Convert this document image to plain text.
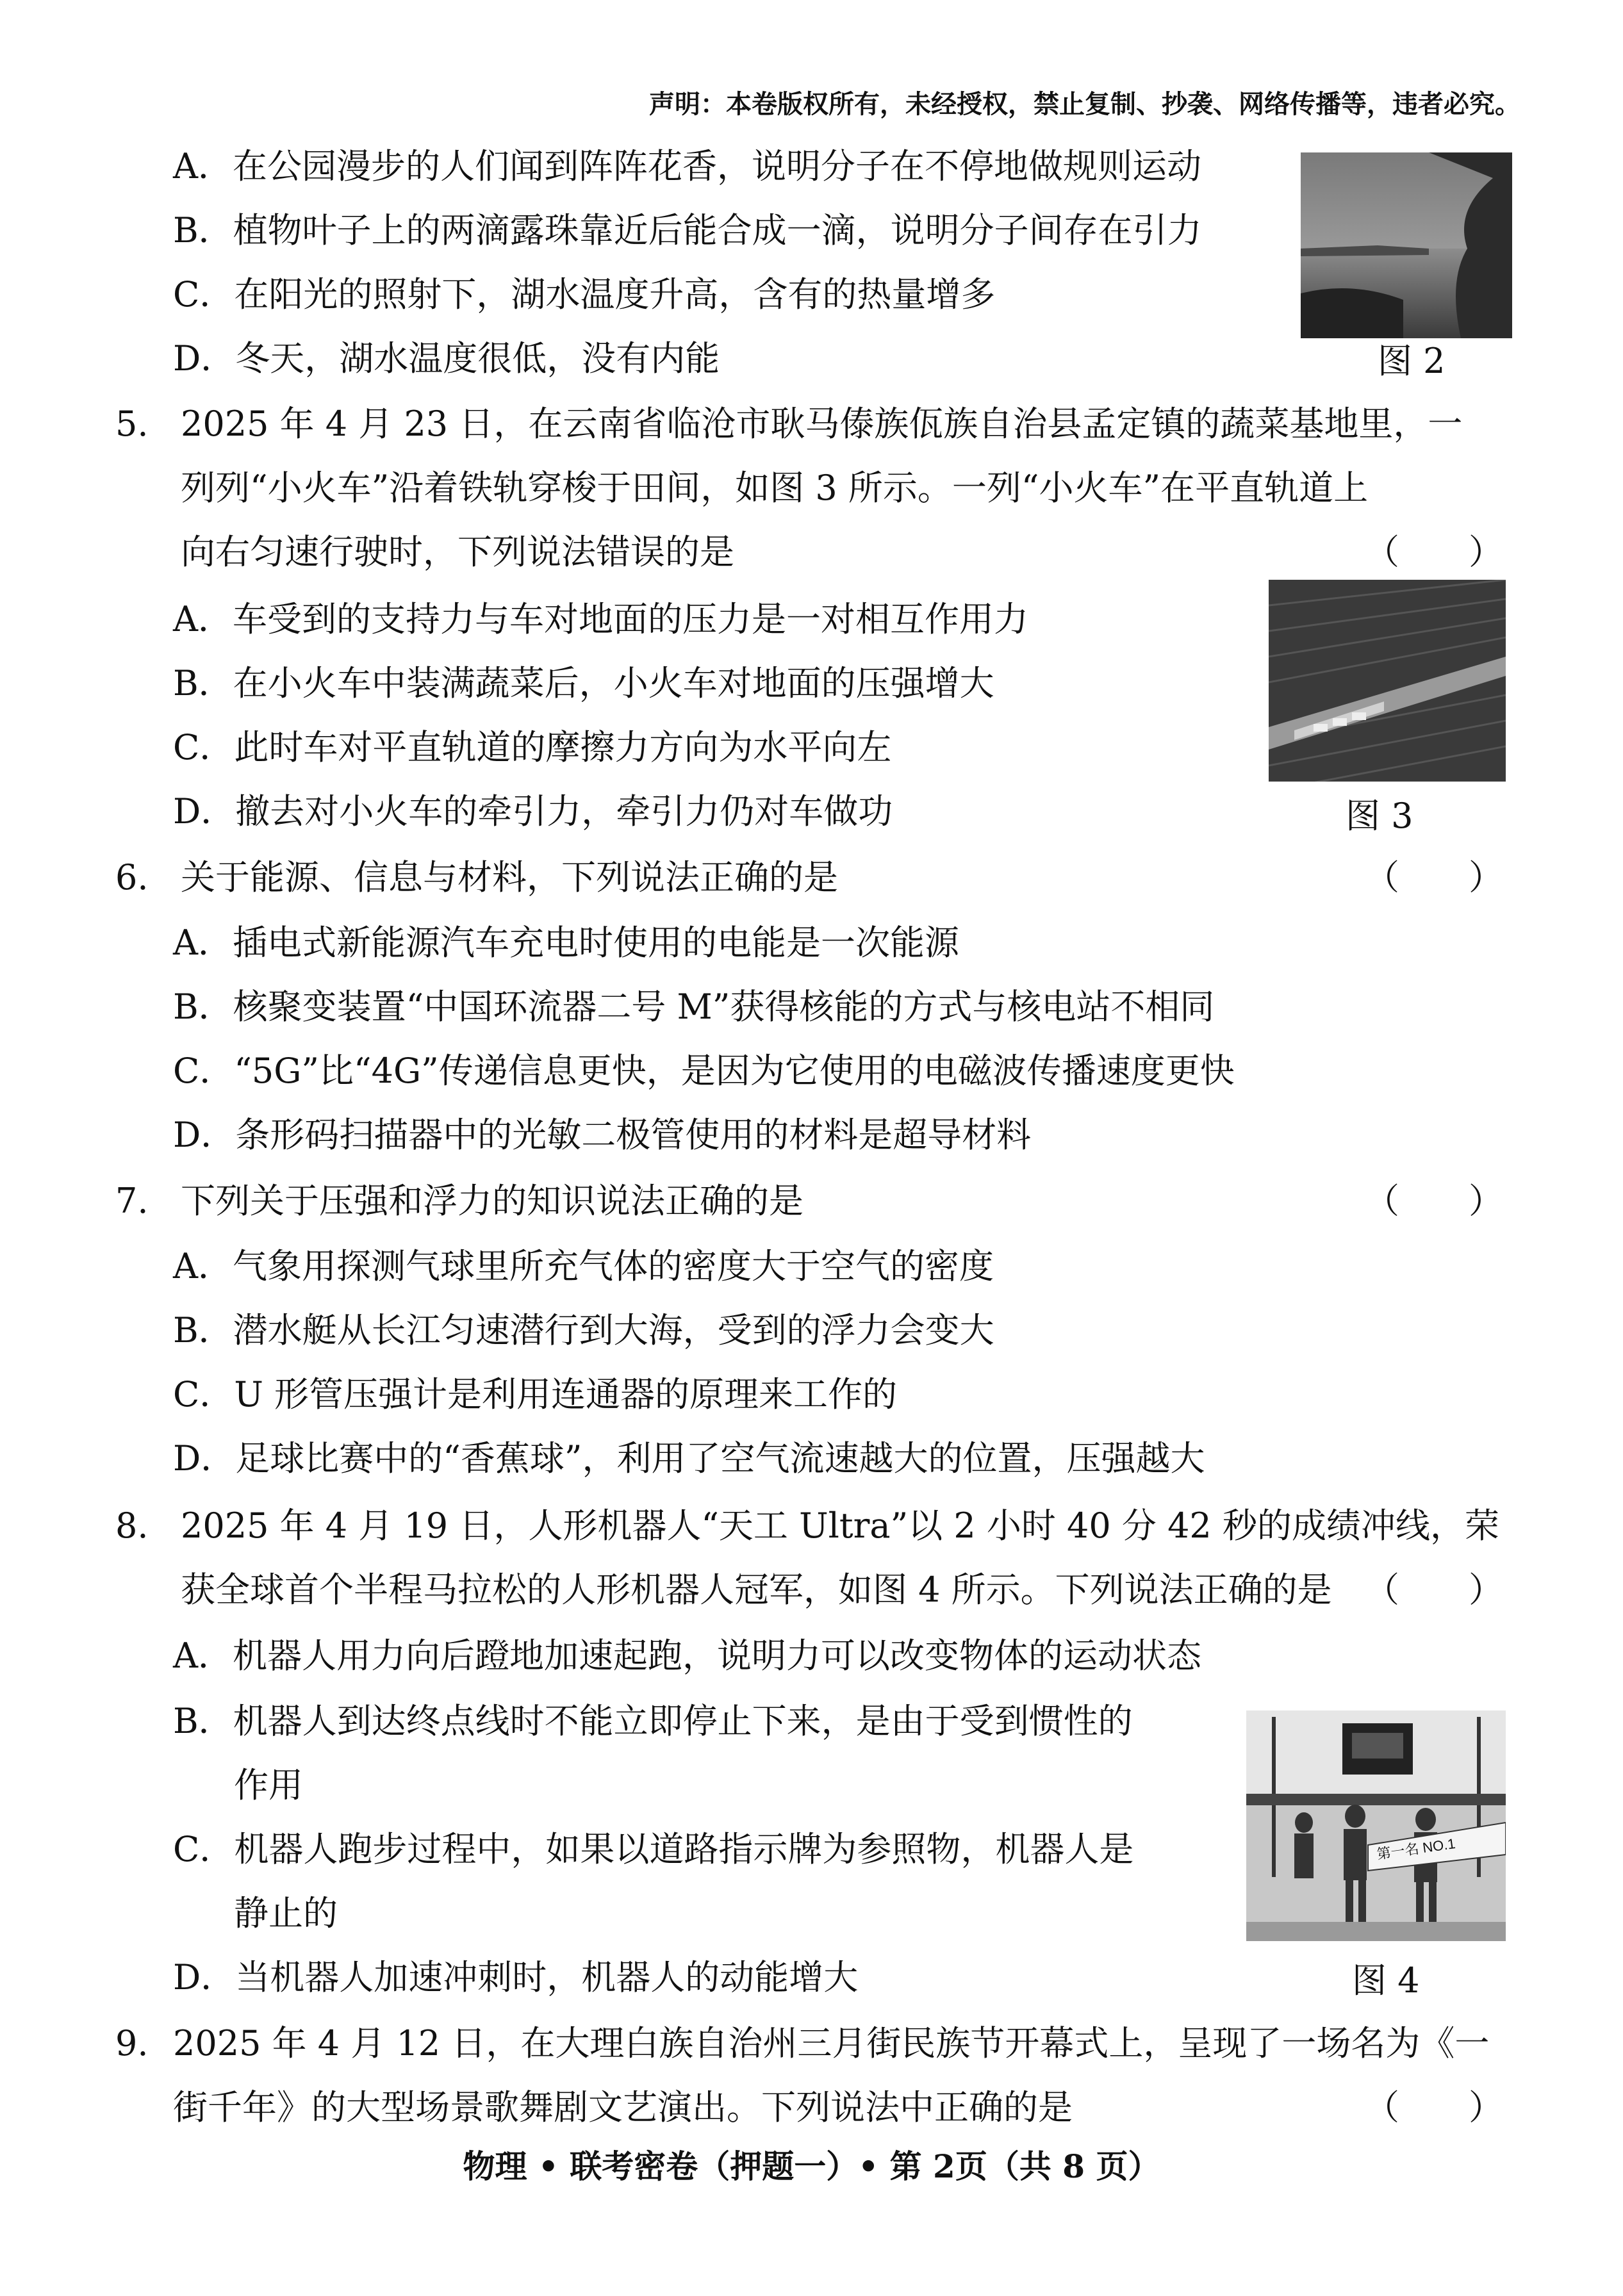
声明：本卷版权所有，未经授权，禁止复制、抄袭、网络传播等，违者必究。
A．在公园漫步的人们闻到阵阵花香，说明分子在不停地做规则运动
B．植物叶子上的两滴露珠靠近后能合成一滴，说明分子间存在引力
C．在阳光的照射下，湖水温度升高，含有的热量增多
D．冬天，湖水温度很低，没有内能	图 2
5. 2025 年 4 月 23 日，在云南省临沧市耿马傣族佤族自治县孟定镇的蔬菜基地里，一
列列“小火车”沿着铁轨穿梭于田间，如图 3 所示。一列“小火车”在平直轨道上
向右匀速行驶时，下列说法错误的是	（　　）
A．车受到的支持力与车对地面的压力是一对相互作用力
B．在小火车中装满蔬菜后，小火车对地面的压强增大
C．此时车对平直轨道的摩擦力方向为水平向左
D．撤去对小火车的牵引力，牵引力仍对车做功	图 3
6. 关于能源、信息与材料，下列说法正确的是	（　　）
A．插电式新能源汽车充电时使用的电能是一次能源
B．核聚变装置“中国环流器二号 M”获得核能的方式与核电站不相同
C．“5G”比“4G”传递信息更快，是因为它使用的电磁波传播速度更快
D．条形码扫描器中的光敏二极管使用的材料是超导材料
7. 下列关于压强和浮力的知识说法正确的是	（　　）
A．气象用探测气球里所充气体的密度大于空气的密度
B．潜水艇从长江匀速潜行到大海，受到的浮力会变大
C．U 形管压强计是利用连通器的原理来工作的
D．足球比赛中的“香蕉球”，利用了空气流速越大的位置，压强越大
8. 2025 年 4 月 19 日，人形机器人“天工 Ultra”以 2 小时 40 分 42 秒的成绩冲线，荣
获全球首个半程马拉松的人形机器人冠军，如图 4 所示。下列说法正确的是 （　　）
A．机器人用力向后蹬地加速起跑，说明力可以改变物体的运动状态
B．机器人到达终点线时不能立即停止下来，是由于受到惯性的
作用
C．机器人跑步过程中，如果以道路指示牌为参照物，机器人是
静止的
D．当机器人加速冲刺时，机器人的动能增大
第一名 NO.1
图 4
9. 2025 年 4 月 12 日，在大理白族自治州三月街民族节开幕式上，呈现了一场名为《一
街千年》的大型场景歌舞剧文艺演出。下列说法中正确的是	（　　）
物理 • 联考密卷（押题一）• 第 2页（共 8 页）
